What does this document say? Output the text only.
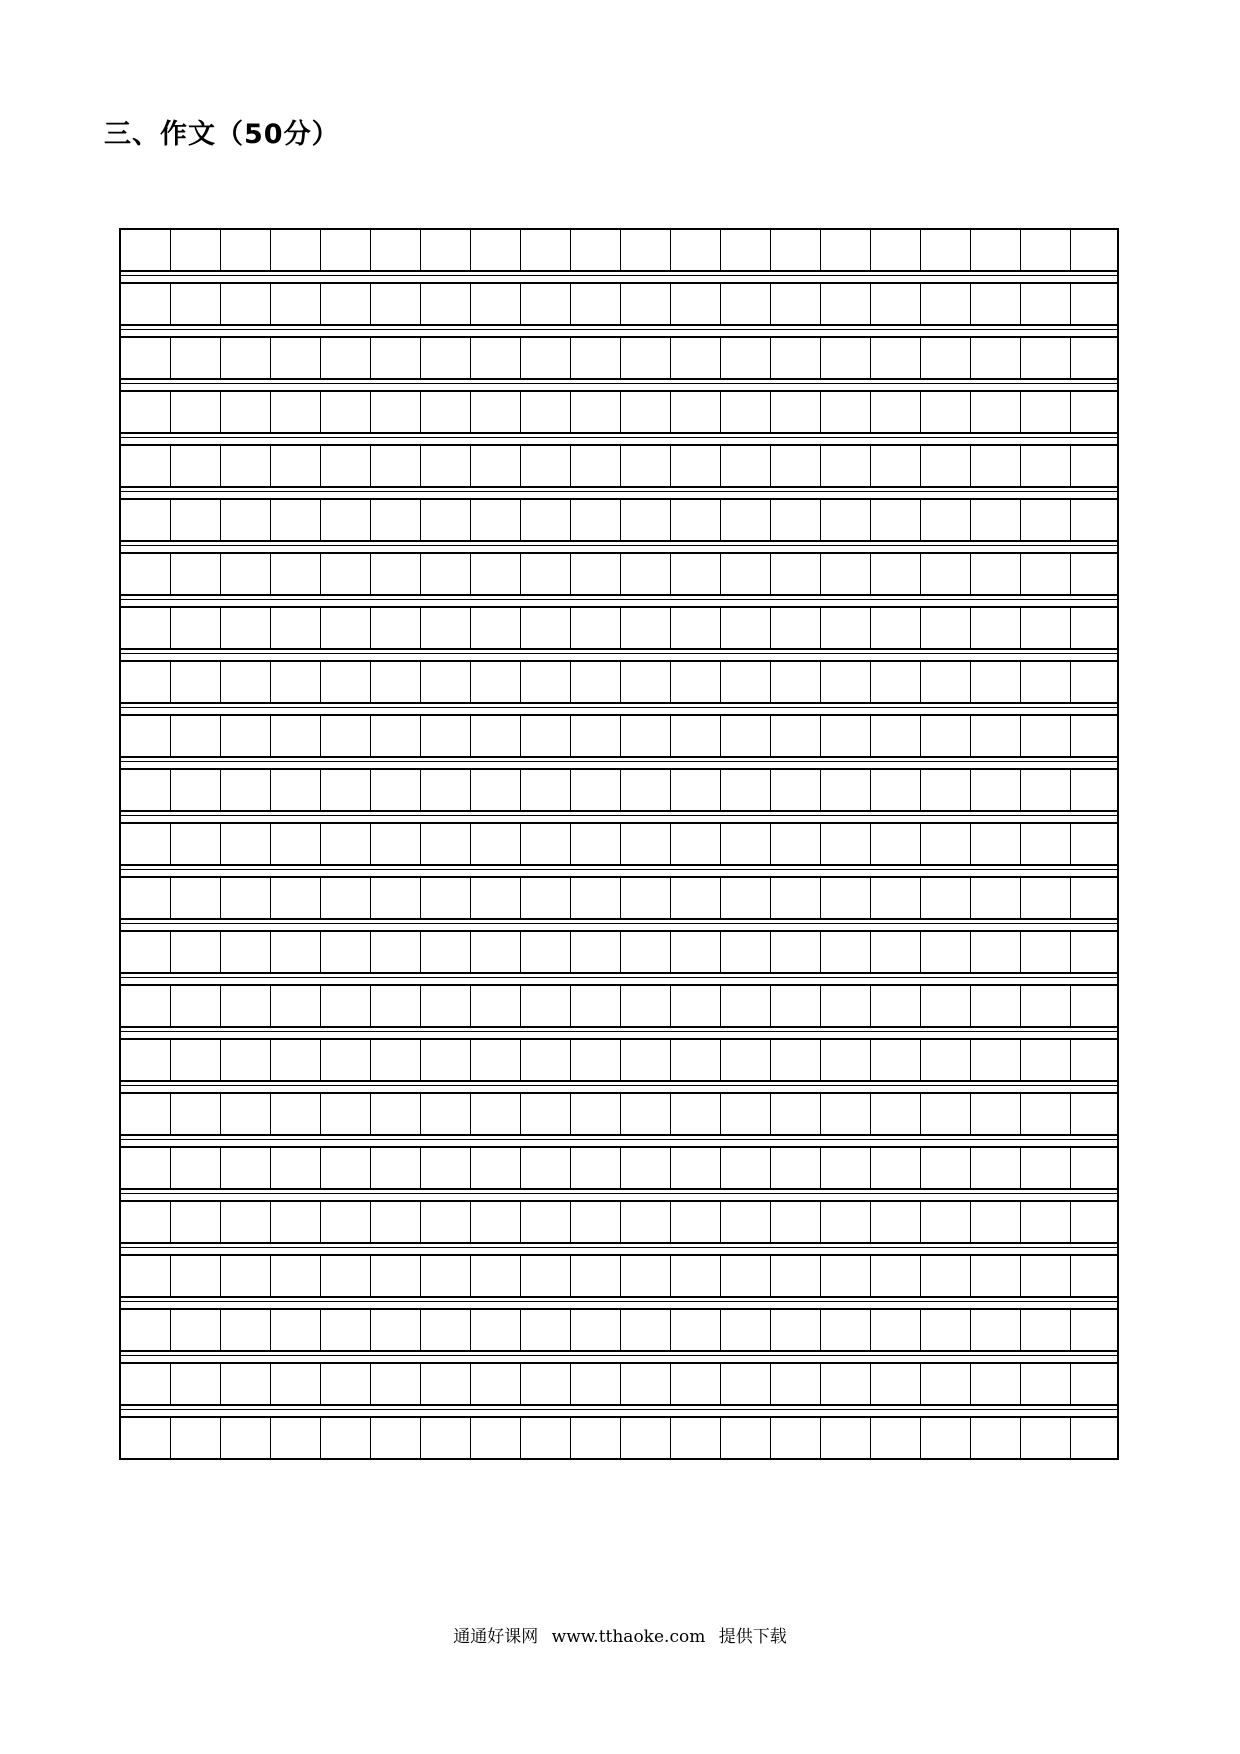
三、作文（50分）
通通好课网 www.tthaoke.com 提供下载
